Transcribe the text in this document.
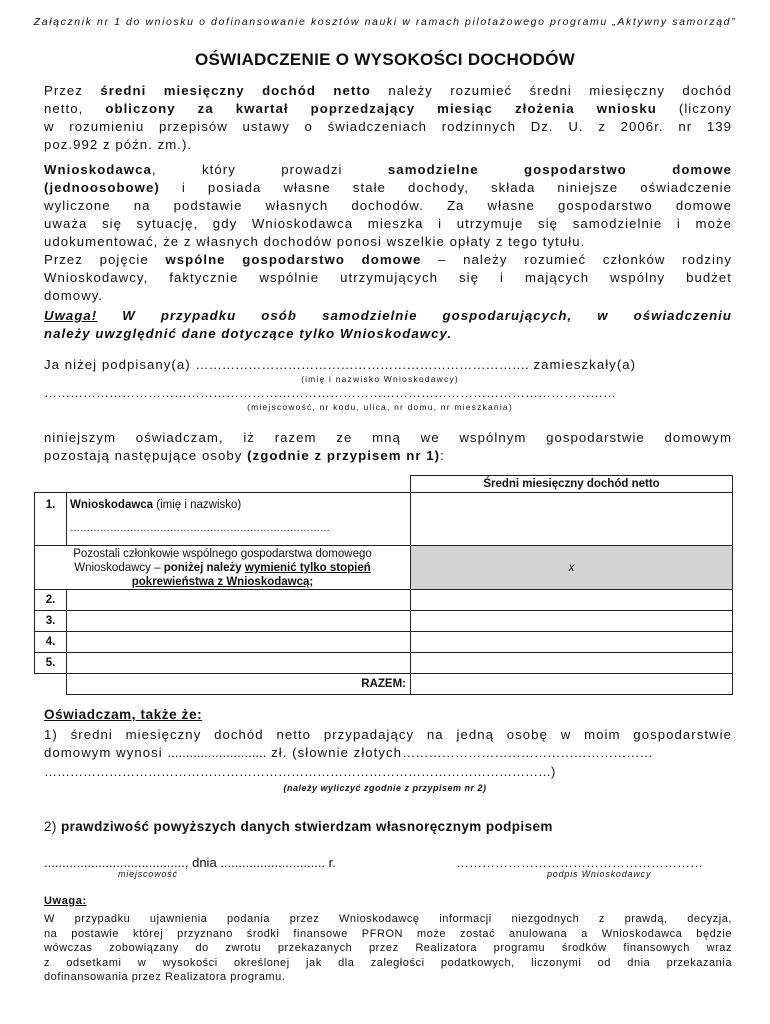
Załącznik nr 1 do wniosku o dofinansowanie kosztów nauki w ramach pilotażowego programu „Aktywny samorząd”
OŚWIADCZENIE O WYSOKOŚCI DOCHODÓW
Przez średni miesięczny dochód netto należy rozumieć średni miesięczny dochód
netto, obliczony za kwartał poprzedzający miesiąc złożenia wniosku (liczony
w rozumieniu przepisów ustawy o świadczeniach rodzinnych Dz. U. z 2006r. nr 139
poz.992 z późn. zm.).
Wnioskodawca, który prowadzi samodzielne gospodarstwo domowe
(jednoosobowe) i posiada własne stałe dochody, składa niniejsze oświadczenie
wyliczone na podstawie własnych dochodów. Za własne gospodarstwo domowe
uważa się sytuację, gdy Wnioskodawca mieszka i utrzymuje się samodzielnie i może
udokumentować, że z własnych dochodów ponosi wszelkie opłaty z tego tytułu.
Przez pojęcie wspólne gospodarstwo domowe – należy rozumieć członków rodziny
Wnioskodawcy, faktycznie wspólnie utrzymujących się i mających wspólny budżet
domowy.
Uwaga! W przypadku osób samodzielnie gospodarujących, w oświadczeniu
należy uwzględnić dane dotyczące tylko Wnioskodawcy.
Ja niżej podpisany(a) …………………………………………………………………. zamieszkały(a)
(imię i nazwisko Wnioskodawcy)
……………………………………………………………………………………………………………………
(miejscowość, nr kodu, ulica, nr domu, nr mieszkania)
niniejszym oświadczam, iż razem ze mną we wspólnym gospodarstwie domowym
pozostają następujące osoby (zgodnie z przypisem nr 1):
		Średni miesięczny dochód netto
1.	Wnioskodawca (imię i nazwisko)
……………………………………………………………………	

Pozostali członkowie wspólnego gospodarstwa domowego
Wnioskodawcy – poniżej należy wymienić tylko stopień
pokrewieństwa z Wnioskodawcą;		x
2.		
3.		
4.		
5.		
	RAZEM:	
Oświadczam, także że:
1) średni miesięczny dochód netto przypadający na jedną osobę w moim gospodarstwie
domowym wynosi ........................... zł. (słownie złotych…………………………………………………
………………………………………………………………………………………………………)
(należy wyliczyć zgodnie z przypisem nr 2)
2) prawdziwość powyższych danych stwierdzam własnoręcznym podpisem
......................................., dnia ............................. r.	…………………………………………………
miejscowość	podpis Wnioskodawcy
Uwaga:
W przypadku ujawnienia podania przez Wnioskodawcę informacji niezgodnych z prawdą, decyzja,
na postawie której przyznano środki finansowe PFRON może zostać anulowana a Wnioskodawca będzie
wówczas zobowiązany do zwrotu przekazanych przez Realizatora programu środków finansowych wraz
z odsetkami w wysokości określonej jak dla zaległości podatkowych, liczonymi od dnia przekazania
dofinansowania przez Realizatora programu.
